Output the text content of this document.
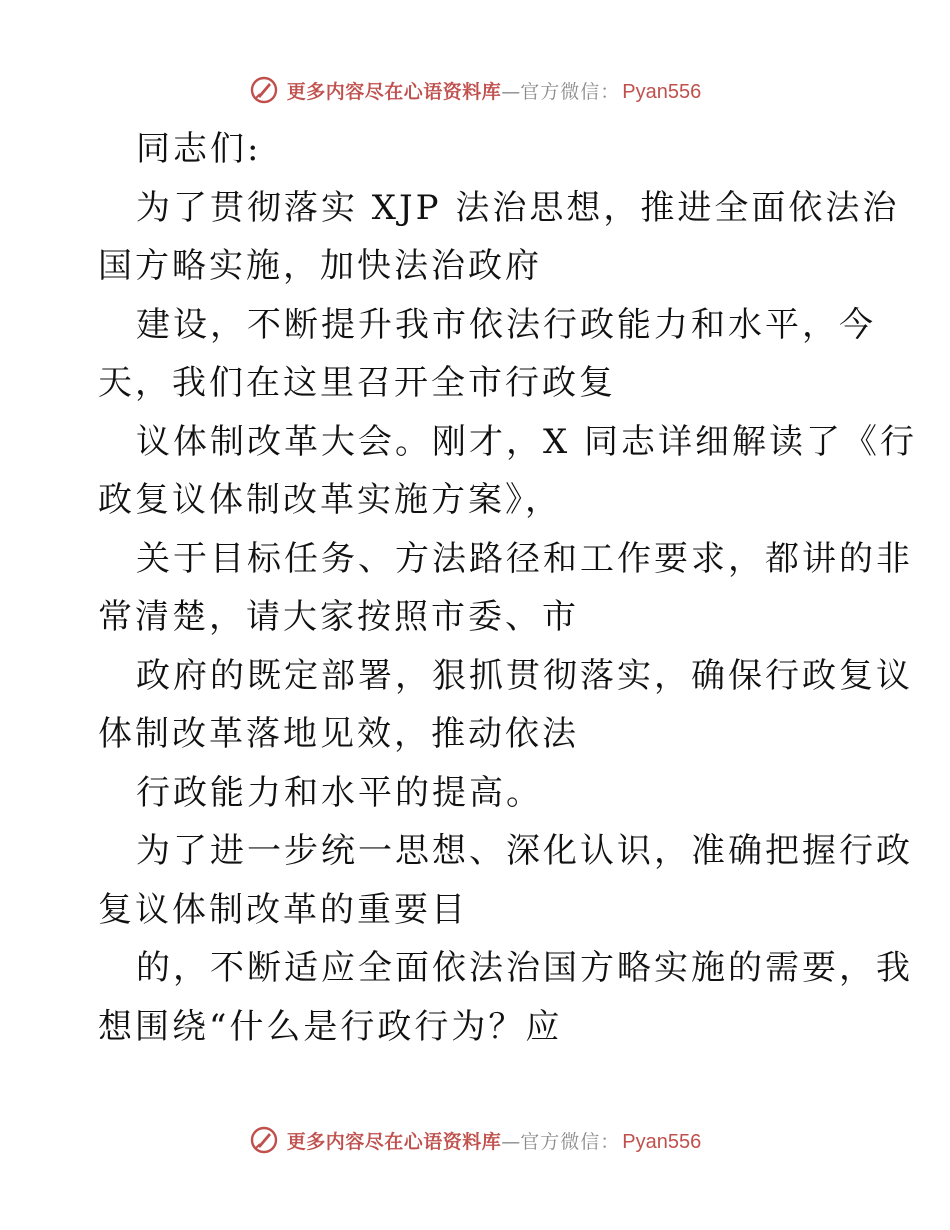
更多内容尽在心语资料库 — 官方微信： Pyan556
同志们:
为了贯彻落实 XJP 法治思想，推进全面依法治
国方略实施，加快法治政府
建设，不断提升我市依法行政能力和水平，今
天，我们在这里召开全市行政复
议体制改革大会。刚才，X 同志详细解读了《行
政复议体制改革实施方案》，
关于目标任务、方法路径和工作要求，都讲的非
常清楚，请大家按照市委、市
政府的既定部署，狠抓贯彻落实，确保行政复议
体制改革落地见效，推动依法
行政能力和水平的提高。
为了进一步统一思想、深化认识，准确把握行政
复议体制改革的重要目
的，不断适应全面依法治国方略实施的需要，我
想围绕“什么是行政行为？应
更多内容尽在心语资料库 — 官方微信： Pyan556
